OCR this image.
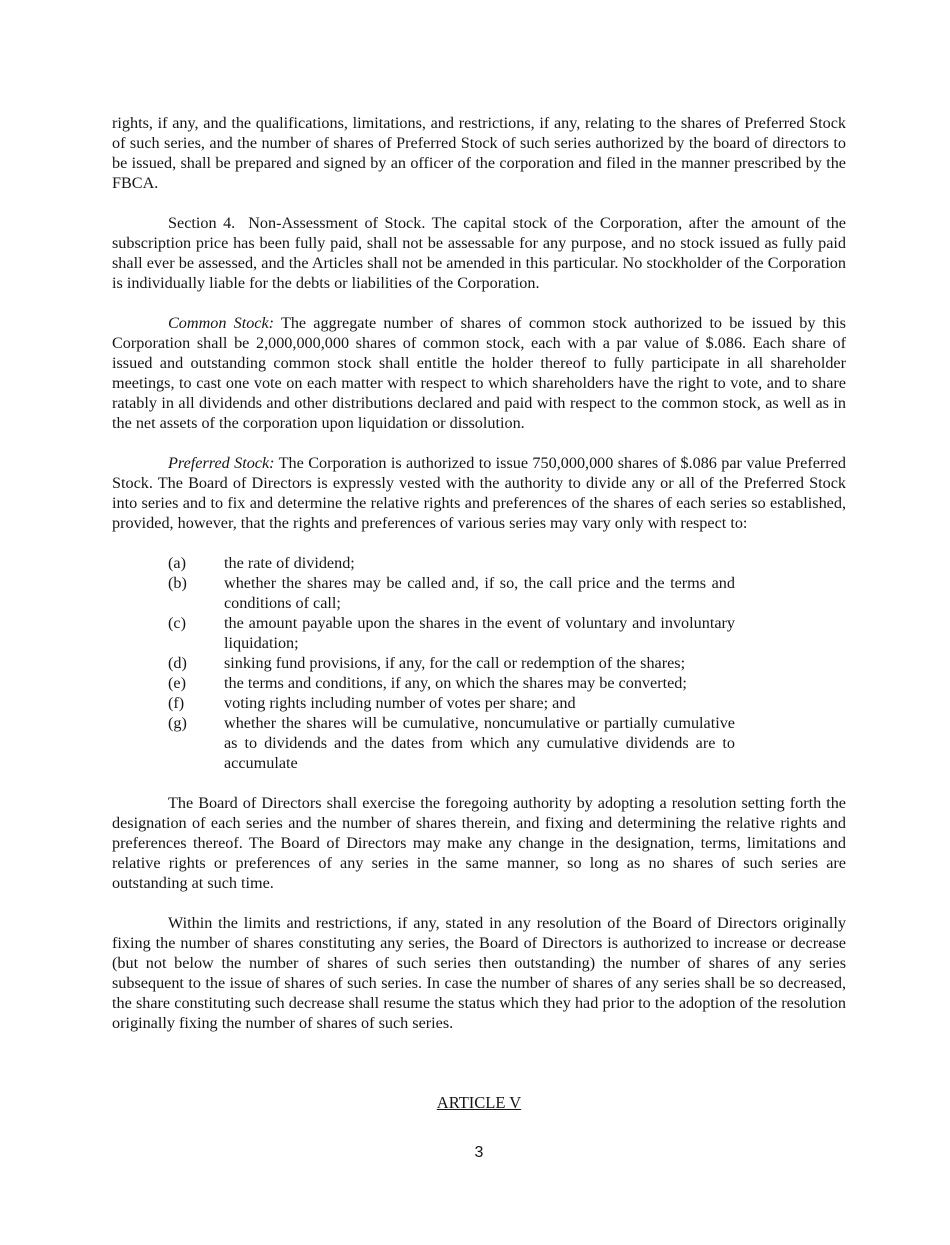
rights, if any, and the qualifications, limitations, and restrictions, if any, relating to the shares of Preferred Stock of such series, and the number of shares of Preferred Stock of such series authorized by the board of directors to be issued, shall be prepared and signed by an officer of the corporation and filed in the manner prescribed by the FBCA.

Section 4. Non-Assessment of Stock. The capital stock of the Corporation, after the amount of the subscription price has been fully paid, shall not be assessable for any purpose, and no stock issued as fully paid shall ever be assessed, and the Articles shall not be amended in this particular. No stockholder of the Corporation is individually liable for the debts or liabilities of the Corporation.

Common Stock: The aggregate number of shares of common stock authorized to be issued by this Corporation shall be 2,000,000,000 shares of common stock, each with a par value of $.086. Each share of issued and outstanding common stock shall entitle the holder thereof to fully participate in all shareholder meetings, to cast one vote on each matter with respect to which shareholders have the right to vote, and to share ratably in all dividends and other distributions declared and paid with respect to the common stock, as well as in the net assets of the corporation upon liquidation or dissolution.

Preferred Stock: The Corporation is authorized to issue 750,000,000 shares of $.086 par value Preferred Stock. The Board of Directors is expressly vested with the authority to divide any or all of the Preferred Stock into series and to fix and determine the relative rights and preferences of the shares of each series so established, provided, however, that the rights and preferences of various series may vary only with respect to:

(a)	the rate of dividend;
(b)	whether the shares may be called and, if so, the call price and the terms and conditions of call;
(c)	the amount payable upon the shares in the event of voluntary and involuntary liquidation;
(d)	sinking fund provisions, if any, for the call or redemption of the shares;
(e)	the terms and conditions, if any, on which the shares may be converted;
(f)	voting rights including number of votes per share; and
(g)	whether the shares will be cumulative, noncumulative or partially cumulative as to dividends and the dates from which any cumulative dividends are to accumulate

The Board of Directors shall exercise the foregoing authority by adopting a resolution setting forth the designation of each series and the number of shares therein, and fixing and determining the relative rights and preferences thereof. The Board of Directors may make any change in the designation, terms, limitations and relative rights or preferences of any series in the same manner, so long as no shares of such series are outstanding at such time.

Within the limits and restrictions, if any, stated in any resolution of the Board of Directors originally fixing the number of shares constituting any series, the Board of Directors is authorized to increase or decrease (but not below the number of shares of such series then outstanding) the number of shares of any series subsequent to the issue of shares of such series. In case the number of shares of any series shall be so decreased, the share constituting such decrease shall resume the status which they had prior to the adoption of the resolution originally fixing the number of shares of such series.

ARTICLE V

3
